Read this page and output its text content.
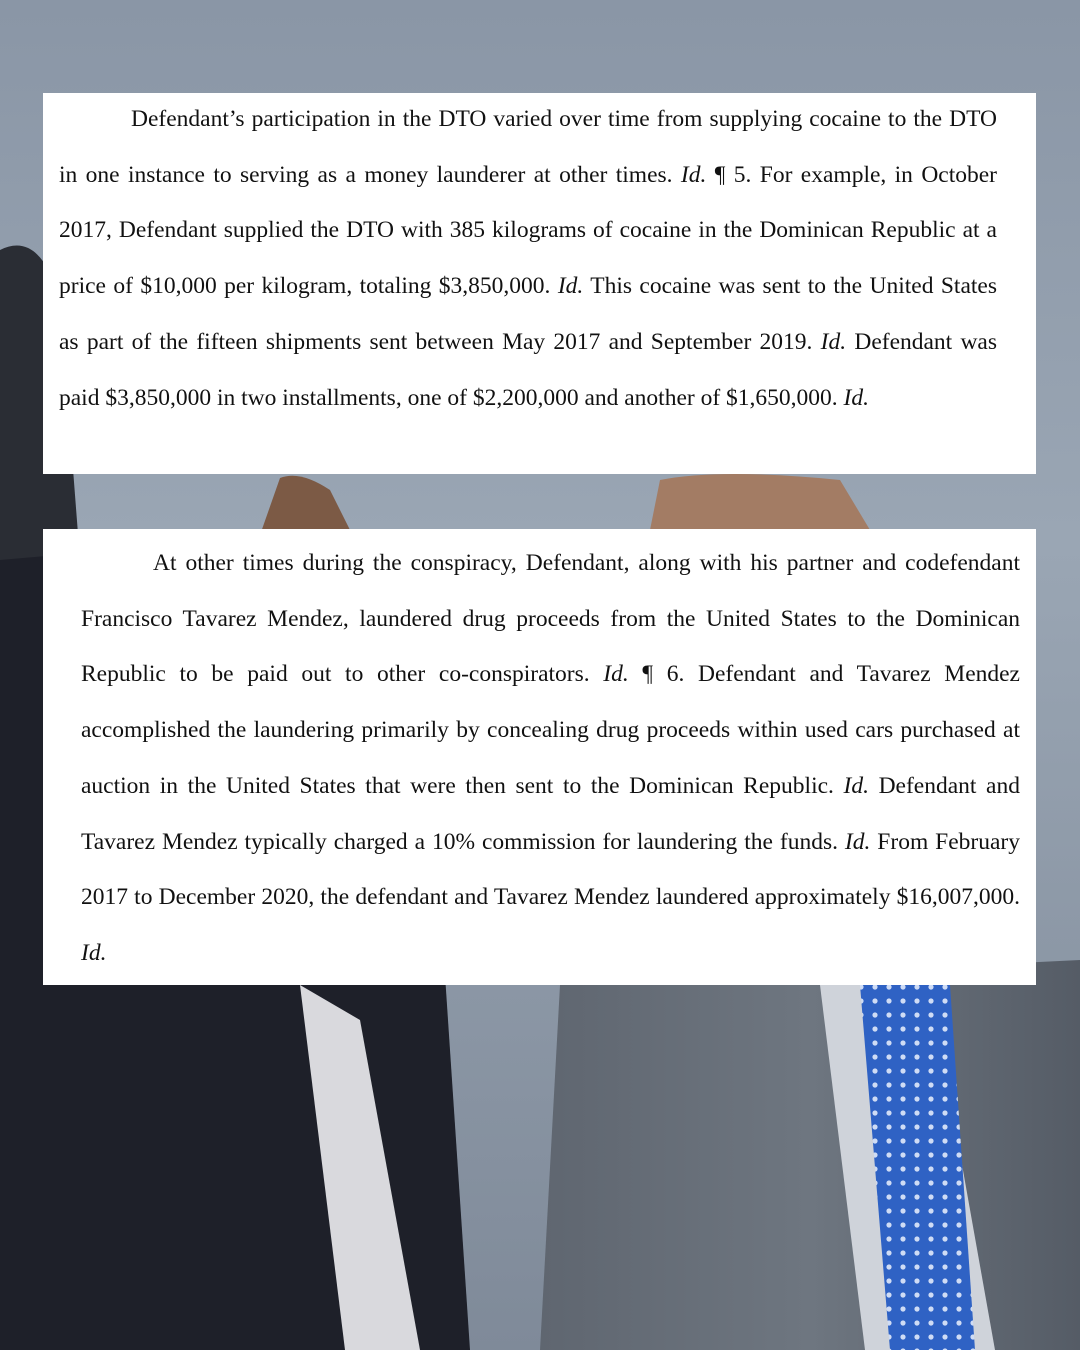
Defendant’s participation in the DTO varied over time from supplying cocaine to the DTO in one instance to serving as a money launderer at other times. Id. ¶ 5. For example, in October 2017, Defendant supplied the DTO with 385 kilograms of cocaine in the Dominican Republic at a price of $10,000 per kilogram, totaling $3,850,000. Id. This cocaine was sent to the United States as part of the fifteen shipments sent between May 2017 and September 2019. Id. Defendant was paid $3,850,000 in two installments, one of $2,200,000 and another of $1,650,000. Id.

At other times during the conspiracy, Defendant, along with his partner and codefendant Francisco Tavarez Mendez, laundered drug proceeds from the United States to the Dominican Republic to be paid out to other co-conspirators. Id. ¶ 6. Defendant and Tavarez Mendez accomplished the laundering primarily by concealing drug proceeds within used cars purchased at auction in the United States that were then sent to the Dominican Republic. Id. Defendant and Tavarez Mendez typically charged a 10% commission for laundering the funds. Id. From February 2017 to December 2020, the defendant and Tavarez Mendez laundered approximately $16,007,000. Id.
